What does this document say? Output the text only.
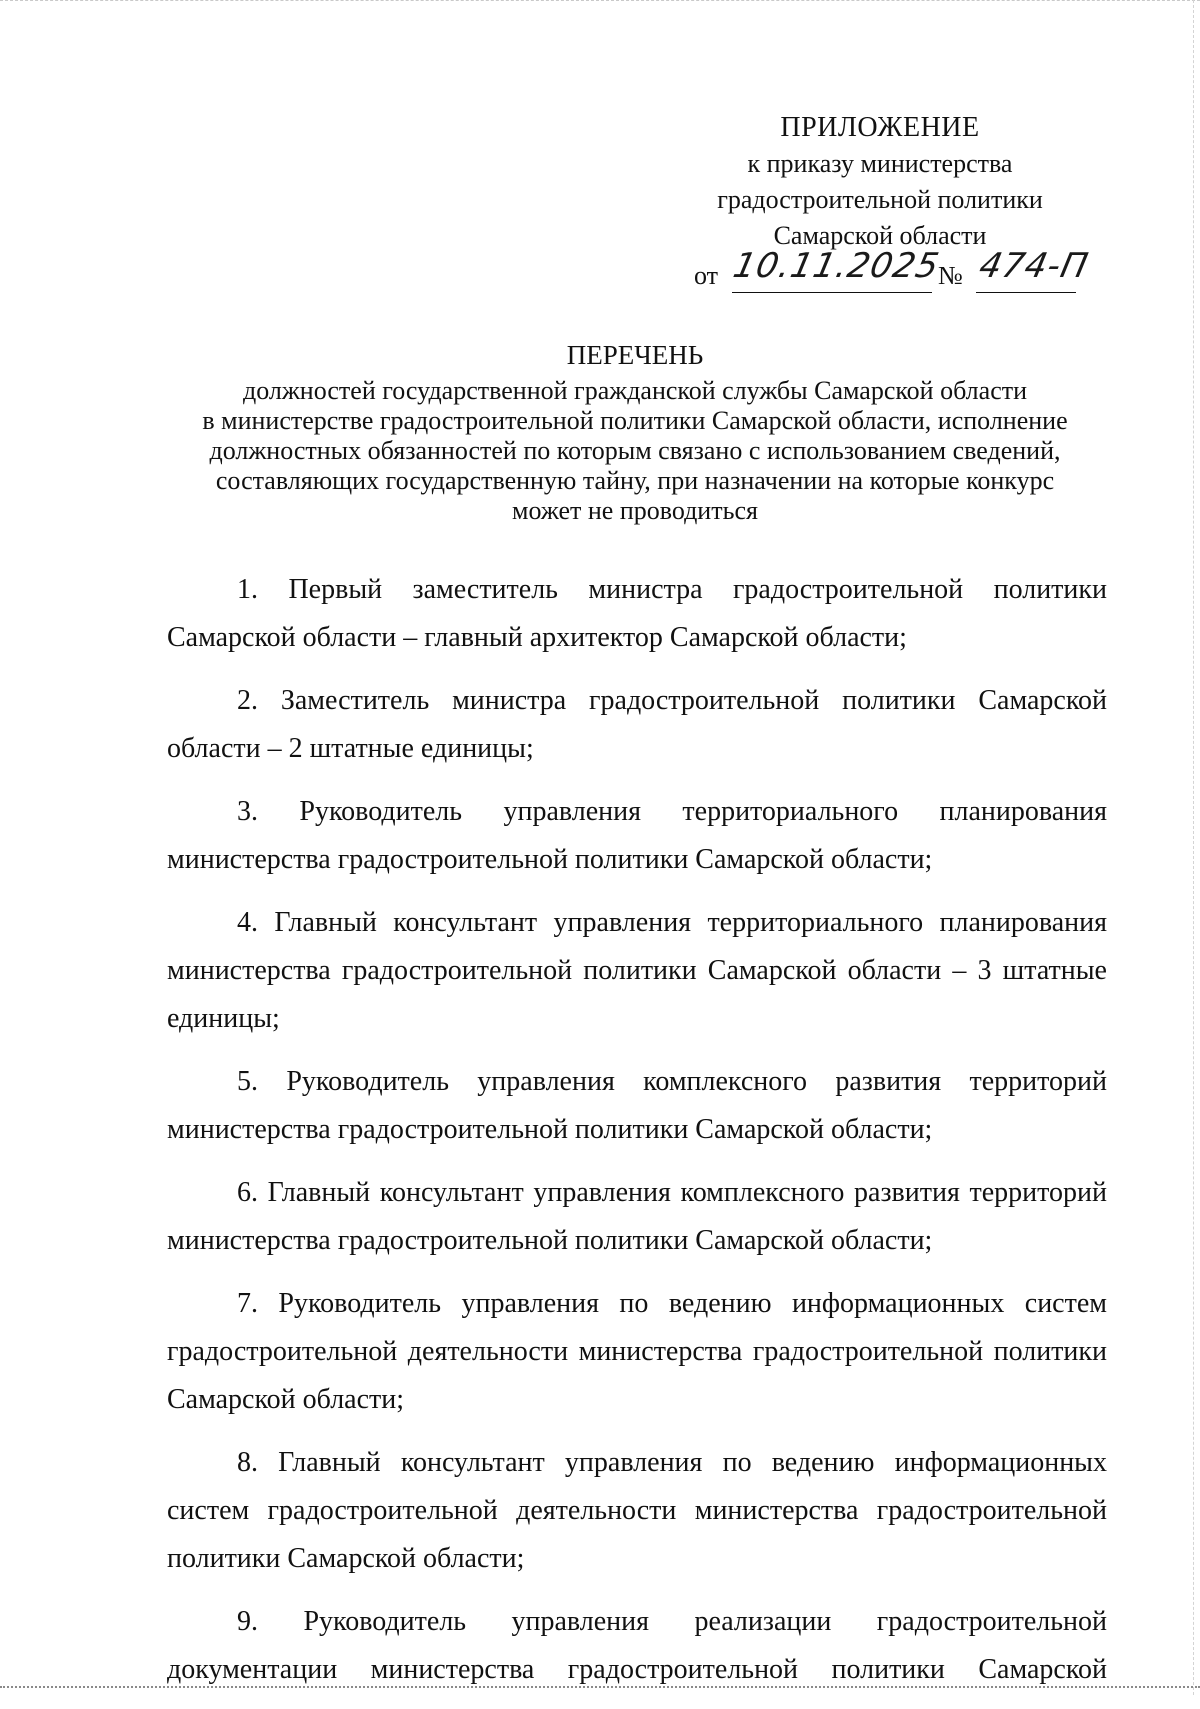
ПРИЛОЖЕНИЕ
к приказу министерства
градостроительной политики
Самарской области
от 10.11.2025
№ 474-П
ПЕРЕЧЕНЬ
должностей государственной гражданской службы Самарской области
в министерстве градостроительной политики Самарской области, исполнение
должностных обязанностей по которым связано с использованием сведений,
составляющих государственную тайну, при назначении на которые конкурс
может не проводиться

1. Первый заместитель министра градостроительной политики Самарской области – главный архитектор Самарской области;

2. Заместитель министра градостроительной политики Самарской области – 2 штатные единицы;

3. Руководитель управления территориального планирования министерства градостроительной политики Самарской области;

4. Главный консультант управления территориального планирования министерства градостроительной политики Самарской области – 3 штатные единицы;

5. Руководитель управления комплексного развития территорий министерства градостроительной политики Самарской области;

6. Главный консультант управления комплексного развития территорий министерства градостроительной политики Самарской области;

7. Руководитель управления по ведению информационных систем градостроительной деятельности министерства градостроительной политики Самарской области;

8. Главный консультант управления по ведению информационных систем градостроительной деятельности министерства градостроительной политики Самарской области;

9. Руководитель управления реализации градостроительной документации министерства градостроительной политики Самарской
